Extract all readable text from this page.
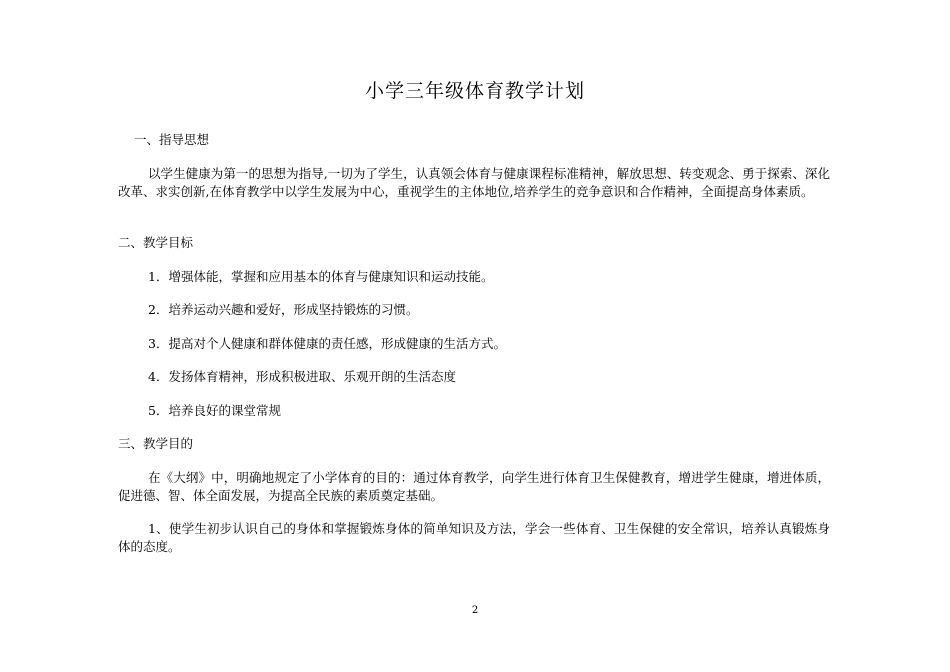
小学三年级体育教学计划
一、指导思想
以学生健康为第一的思想为指导,一切为了学生，认真领会体育与健康课程标准精神，解放思想、转变观念、勇于探索、深化改革、求实创新,在体育教学中以学生发展为中心，重视学生的主体地位,培养学生的竞争意识和合作精神，全面提高身体素质。
二、教学目标
1．增强体能，掌握和应用基本的体育与健康知识和运动技能。
2．培养运动兴趣和爱好，形成坚持锻炼的习惯。
3．提高对个人健康和群体健康的责任感，形成健康的生活方式。
4．发扬体育精神，形成积极进取、乐观开朗的生活态度
5．培养良好的课堂常规
三、教学目的
在《大纲》中，明确地规定了小学体育的目的：通过体育教学，向学生进行体育卫生保健教育，增进学生健康，增进体质，促进德、智、体全面发展，为提高全民族的素质奠定基础。
1、使学生初步认识自己的身体和掌握锻炼身体的简单知识及方法，学会一些体育、卫生保健的安全常识，培养认真锻炼身体的态度。
2
